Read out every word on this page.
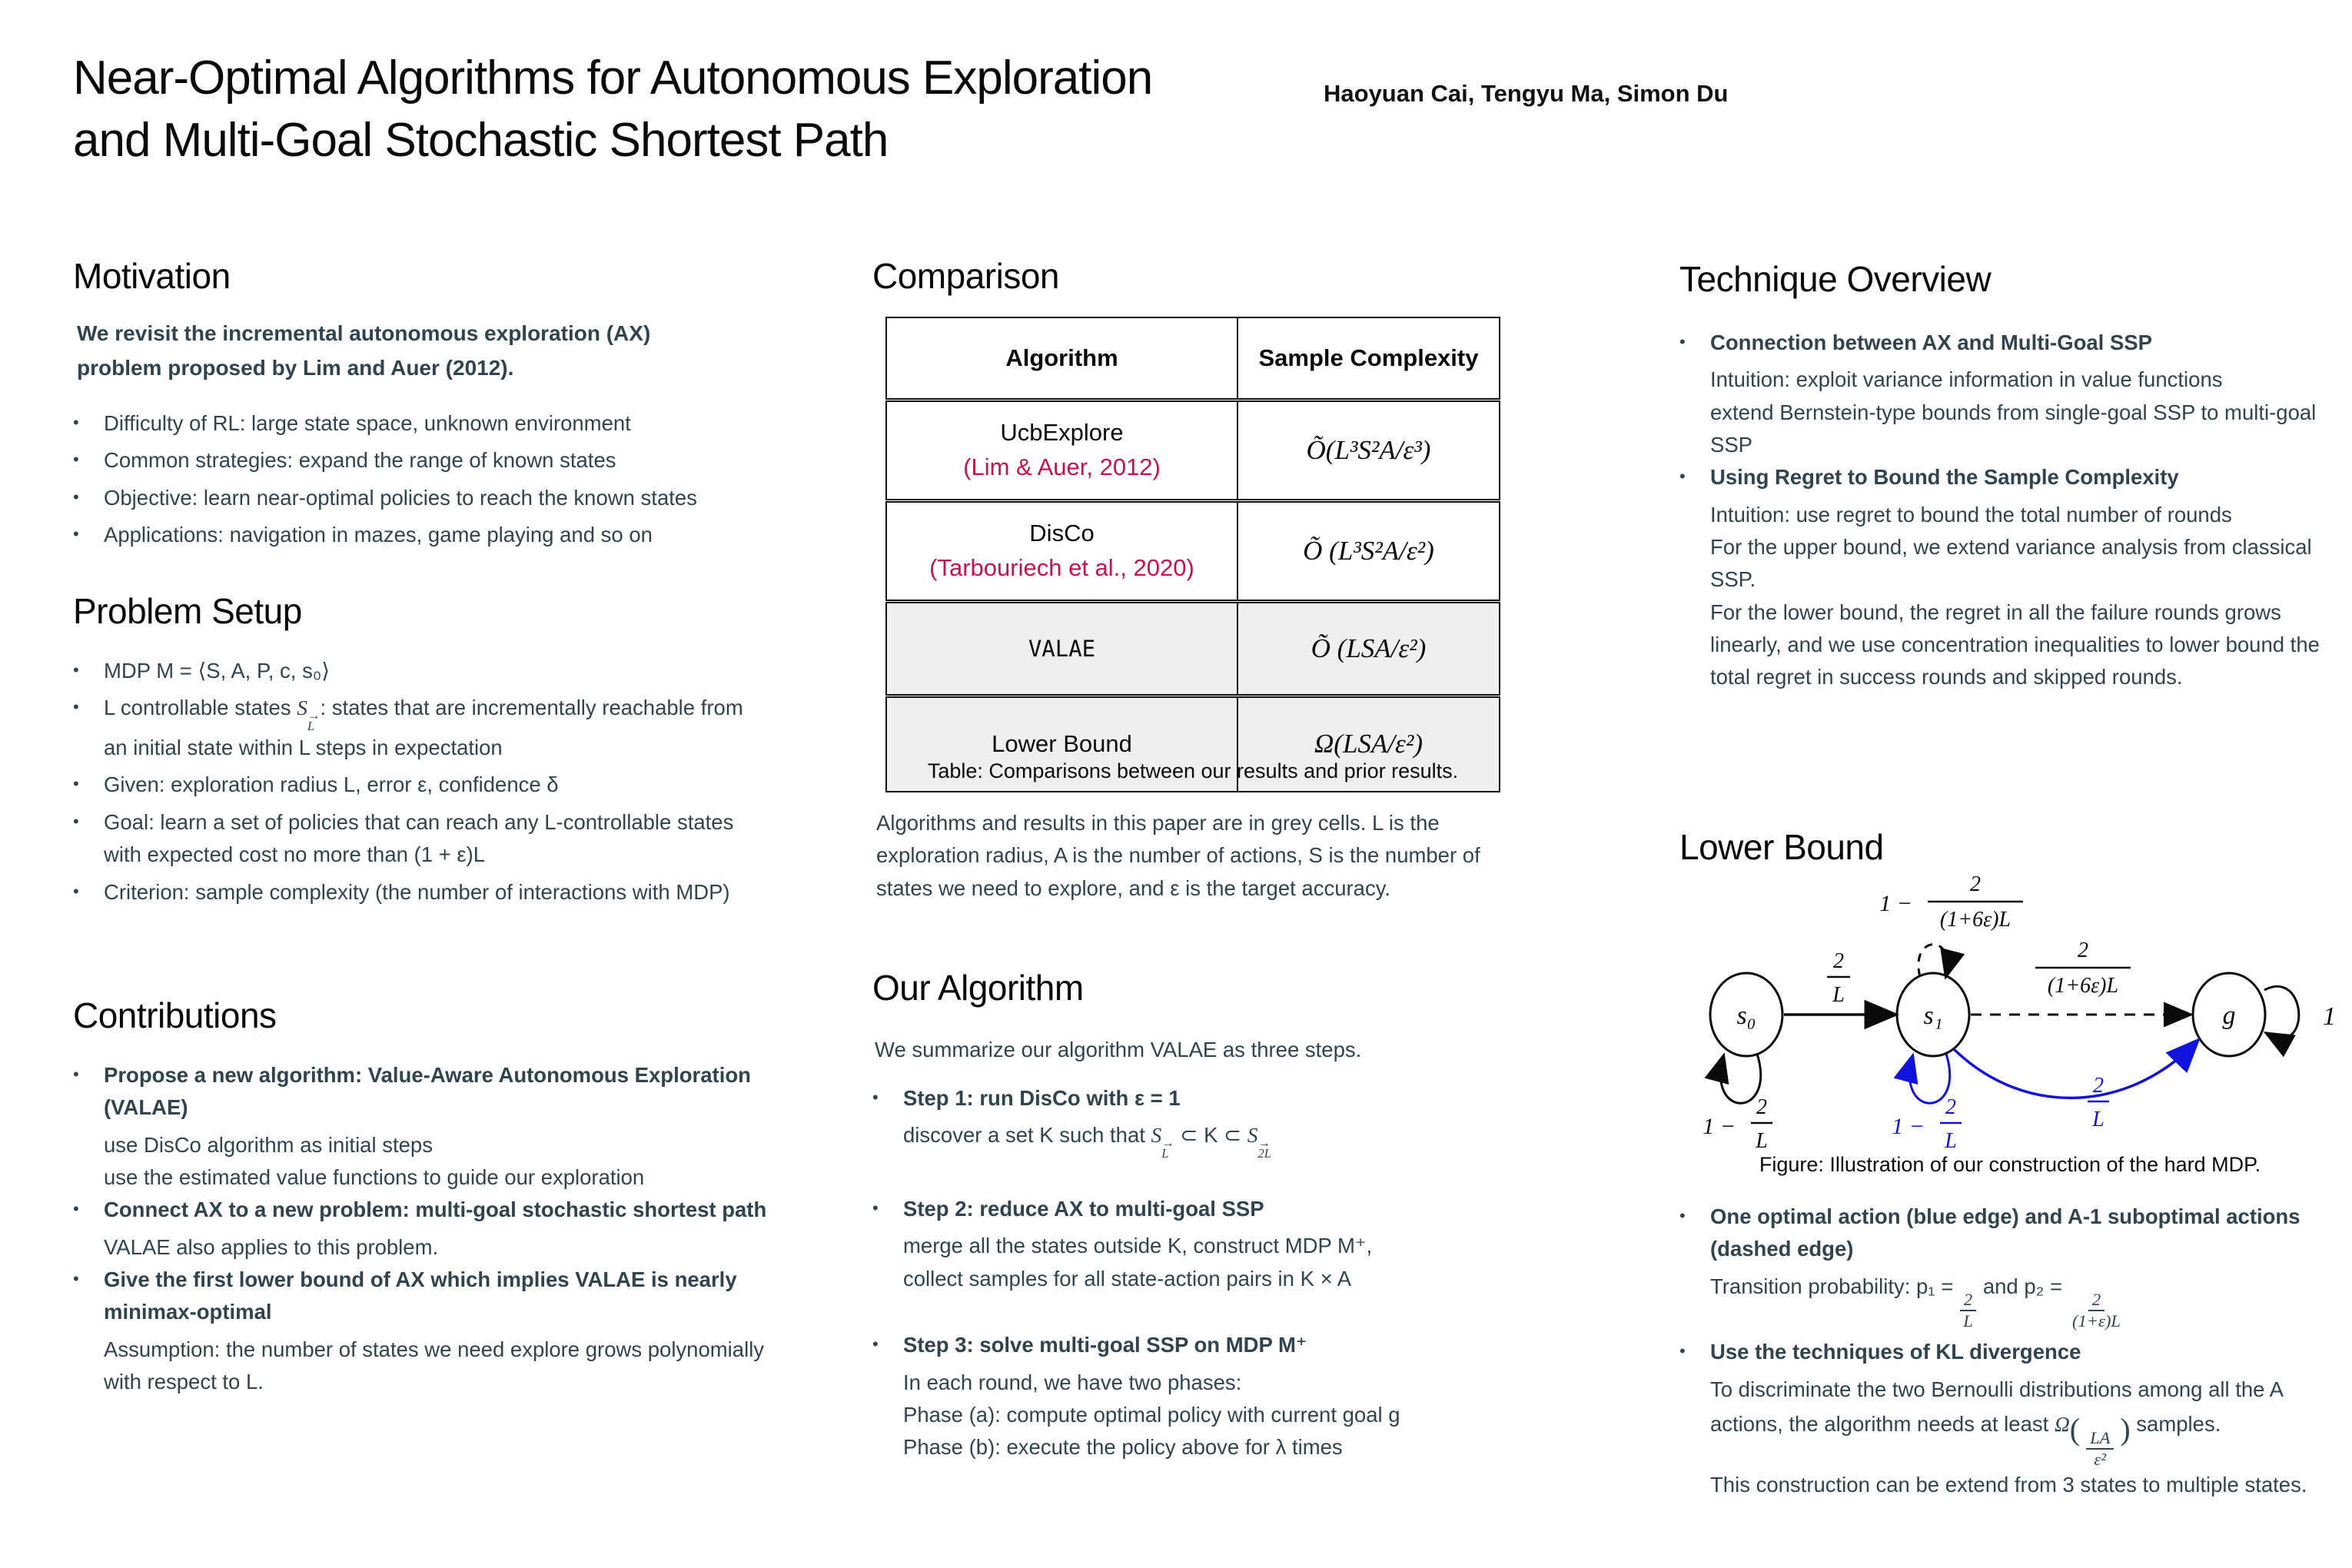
Near-Optimal Algorithms for Autonomous Exploration
and Multi-Goal Stochastic Shortest Path
Haoyuan Cai, Tengyu Ma, Simon Du
Motivation
We revisit the incremental autonomous exploration (AX) problem proposed by Lim and Auer (2012).
•	Difficulty of RL: large state space, unknown environment
•	Common strategies: expand the range of known states
•	Objective: learn near-optimal policies to reach the known states
•	Applications: navigation in mazes, game playing and so on
Problem Setup
•	MDP M = ⟨S, A, P, c, s₀⟩
•	L controllable states S →
L
: states that are incrementally reachable from an initial state within L steps in expectation
•	Given: exploration radius L, error ε, confidence δ
•	Goal: learn a set of policies that can reach any L-controllable states with expected cost no more than (1 + ε)L
•	Criterion: sample complexity (the number of interactions with MDP)
Contributions
•	Propose a new algorithm: Value-Aware Autonomous Exploration (VALAE)
use DisCo algorithm as initial steps
use the estimated value functions to guide our exploration
•	Connect AX to a new problem: multi-goal stochastic shortest path
VALAE also applies to this problem.
•	Give the first lower bound of AX which implies VALAE is nearly minimax-optimal
Assumption: the number of states we need explore grows polynomially with respect to L.
Comparison
Algorithm	Sample Complexity

UcbExplore
(Lim & Auer, 2012)	Õ(L³S²A/ε³)

DisCo
(Tarbouriech et al., 2020)	Õ (L³S²A/ε²)

VALAE	Õ (LSA/ε²)

Lower Bound	Ω(LSA/ε²)
Table: Comparisons between our results and prior results.
Algorithms and results in this paper are in grey cells. L is the exploration radius, A is the number of actions, S is the number of states we need to explore, and ε is the target accuracy.
Our Algorithm
We summarize our algorithm VALAE as three steps.
•	Step 1: run DisCo with ε = 1
discover a set K such that S →
L
⊂ K ⊂ S →
2L
•	Step 2: reduce AX to multi-goal SSP
merge all the states outside K, construct MDP M⁺,
collect samples for all state-action pairs in K × A
•	Step 3: solve multi-goal SSP on MDP M⁺
In each round, we have two phases:
Phase (a): compute optimal policy with current goal g
Phase (b): execute the policy above for λ times
Technique Overview
•	Connection between AX and Multi-Goal SSP
Intuition: exploit variance information in value functions
extend Bernstein-type bounds from single-goal SSP to multi-goal SSP
•	Using Regret to Bound the Sample Complexity
Intuition: use regret to bound the total number of rounds
For the upper bound, we extend variance analysis from classical SSP.
For the lower bound, the regret in all the failure rounds grows linearly, and we use concentration inequalities to lower bound the total regret in success rounds and skipped rounds.
Lower Bound
s₀	s₁	g
2
L
1 −
2
(1+6ε)L
2
(1+6ε)L
2
L
1 −
2
L
1 −
2
L
1
Figure: Illustration of our construction of the hard MDP.
•	One optimal action (blue edge) and A-1 suboptimal actions (dashed edge)
Transition probability: p₁ =
$\frac{2}{L}$
and p₂ =
$\frac{2}{(1+\varepsilon)L}$
•	Use the techniques of KL divergence
To discriminate the two Bernoulli distributions among all the A actions, the algorithm needs at least $\Omega( \frac{LA}{\text{ε²}}$ ) samples.
This construction can be extend from 3 states to multiple states.
